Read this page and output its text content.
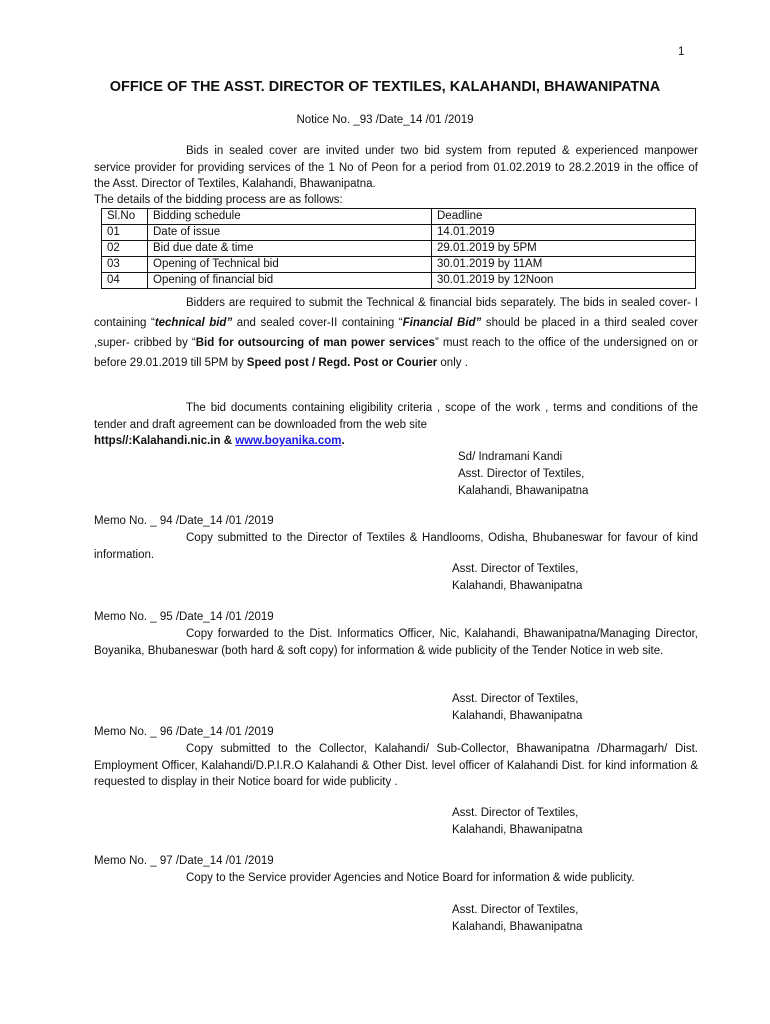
1
OFFICE OF THE ASST. DIRECTOR OF TEXTILES, KALAHANDI, BHAWANIPATNA
Notice No. _93 /Date_14 /01 /2019
Bids in sealed cover are invited under two bid system from reputed & experienced manpower service provider for providing services of the 1 No of Peon for a period from 01.02.2019 to 28.2.2019 in the office of the Asst. Director of Textiles, Kalahandi, Bhawanipatna.
The details of the bidding process are as follows:
Sl.No	Bidding schedule	Deadline
01	Date of issue	14.01.2019
02	Bid due date & time	29.01.2019 by 5PM
03	Opening of Technical bid	30.01.2019 by 11AM
04	Opening of financial bid	30.01.2019 by 12Noon
Bidders are required to submit the Technical & financial bids separately. The bids in sealed cover- I containing “technical bid” and sealed cover-II containing “Financial Bid” should be placed in a third sealed cover ,super- cribbed by “Bid for outsourcing of man power services” must reach to the office of the undersigned on or before 29.01.2019 till 5PM by Speed post / Regd. Post or Courier only .
The bid documents containing eligibility criteria , scope of the work , terms and conditions of the tender and draft agreement can be downloaded from the web site
https//:Kalahandi.nic.in & www.boyanika.com.
Sd/ Indramani Kandi
Asst. Director of Textiles,
Kalahandi, Bhawanipatna
Memo No. _ 94 /Date_14 /01 /2019
Copy submitted to the Director of Textiles & Handlooms, Odisha, Bhubaneswar for favour of kind information.
Asst. Director of Textiles,
Kalahandi, Bhawanipatna
Memo No. _ 95 /Date_14 /01 /2019
Copy forwarded to the Dist. Informatics Officer, Nic, Kalahandi, Bhawanipatna/Managing Director, Boyanika, Bhubaneswar (both hard & soft copy) for information & wide publicity of the Tender Notice in web site.
Asst. Director of Textiles,
Kalahandi, Bhawanipatna
Memo No. _ 96 /Date_14 /01 /2019
Copy submitted to the Collector, Kalahandi/ Sub-Collector, Bhawanipatna /Dharmagarh/ Dist. Employment Officer, Kalahandi/D.P.I.R.O Kalahandi & Other Dist. level officer of Kalahandi Dist. for kind information & requested to display in their Notice board for wide publicity .
Asst. Director of Textiles,
Kalahandi, Bhawanipatna
Memo No. _ 97 /Date_14 /01 /2019
Copy to the Service provider Agencies and Notice Board for information & wide publicity.
Asst. Director of Textiles,
Kalahandi, Bhawanipatna
